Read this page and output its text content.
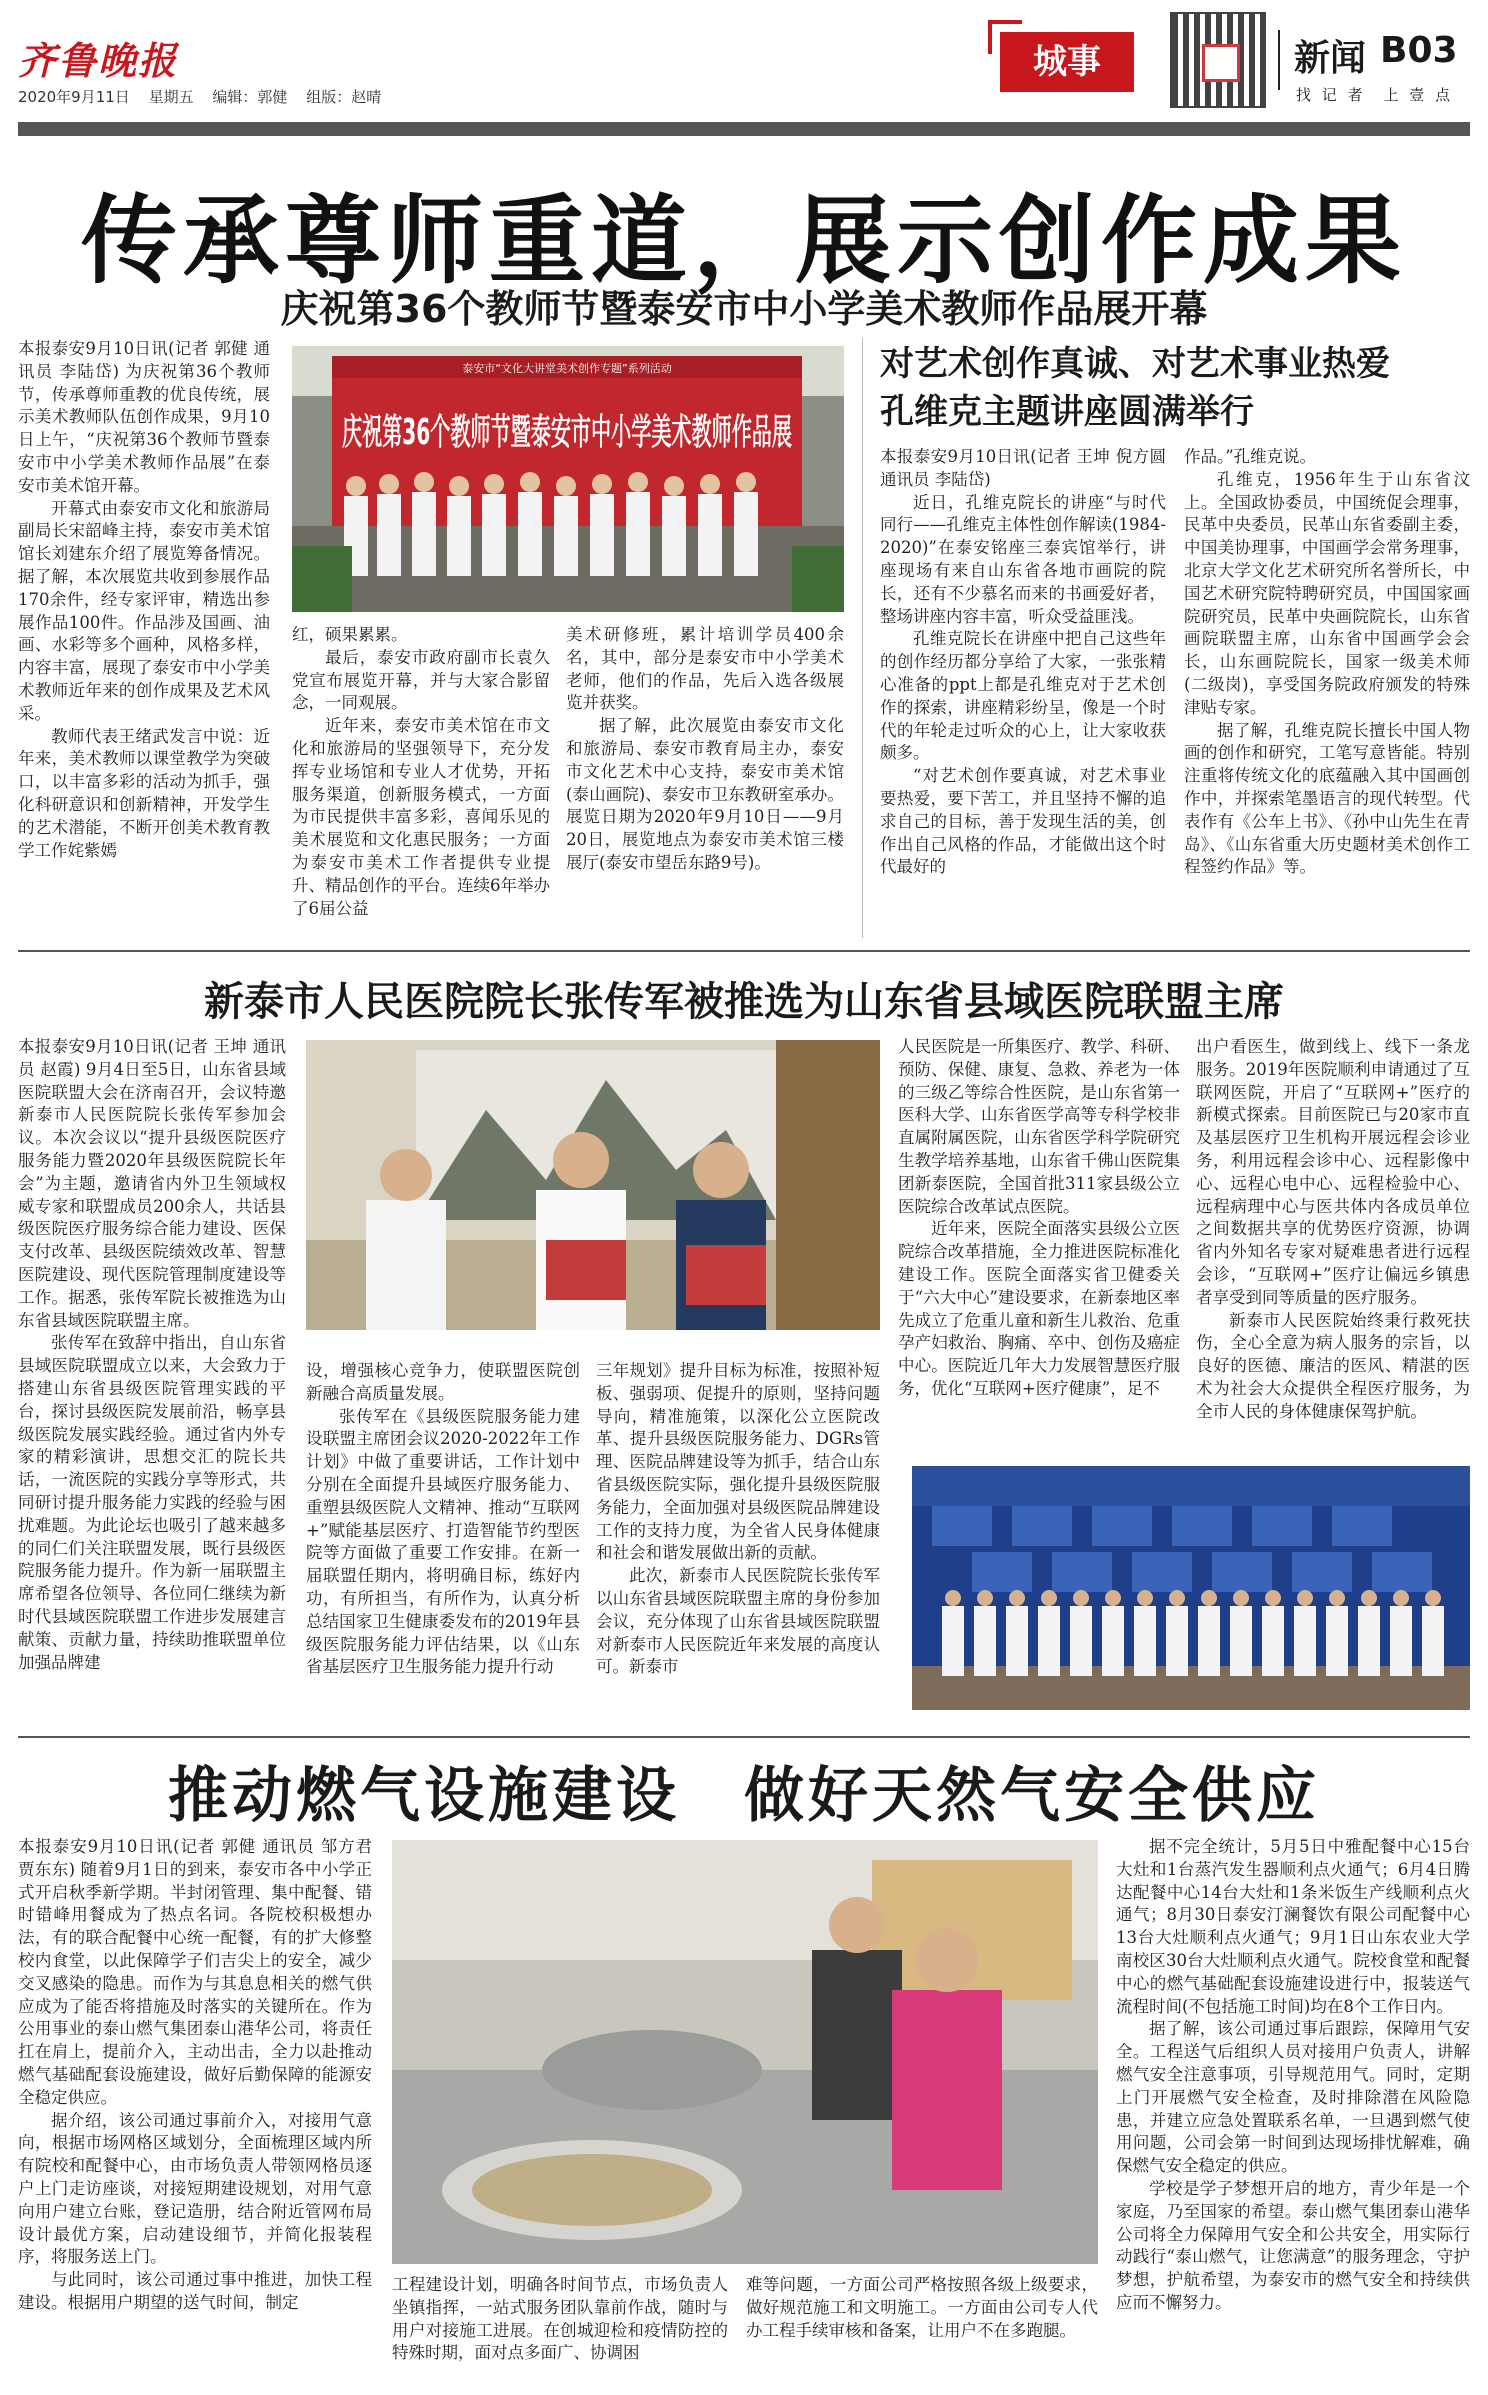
齐鲁晚报
2020年9月11日 星期五 编辑：郭健 组版：赵晴
城事	新闻 B03
找 记 者　上 壹 点
传承尊师重道，展示创作成果
庆祝第36个教师节暨泰安市中小学美术教师作品展开幕

本报泰安9月10日讯(记者 郭健 通讯员 李陆岱) 为庆祝第36个教师节，传承尊师重教的优良传统，展示美术教师队伍创作成果，9月10日上午，“庆祝第36个教师节暨泰安市中小学美术教师作品展”在泰安市美术馆开幕。

开幕式由泰安市文化和旅游局副局长宋韶峰主持，泰安市美术馆馆长刘建东介绍了展览筹备情况。据了解，本次展览共收到参展作品170余件，经专家评审，精选出参展作品100件。作品涉及国画、油画、水彩等多个画种，风格多样，内容丰富，展现了泰安市中小学美术教师近年来的创作成果及艺术风采。

教师代表王绪武发言中说：近年来，美术教师以课堂教学为突破口，以丰富多彩的活动为抓手，强化科研意识和创新精神，开发学生的艺术潜能，不断开创美术教育教学工作姹紫嫣

泰安市“文化大讲堂美术创作专题”系列活动
庆祝第36个教师节暨泰安市中小学美术教师作品展

红，硕果累累。

最后，泰安市政府副市长袁久党宣布展览开幕，并与大家合影留念，一同观展。

近年来，泰安市美术馆在市文化和旅游局的坚强领导下，充分发挥专业场馆和专业人才优势，开拓服务渠道，创新服务模式，一方面为市民提供丰富多彩，喜闻乐见的美术展览和文化惠民服务；一方面为泰安市美术工作者提供专业提升、精品创作的平台。连续6年举办了6届公益

美术研修班，累计培训学员400余名，其中，部分是泰安市中小学美术老师，他们的作品，先后入选各级展览并获奖。

据了解，此次展览由泰安市文化和旅游局、泰安市教育局主办，泰安市文化艺术中心支持，泰安市美术馆(泰山画院)、泰安市卫东教研室承办。展览日期为2020年9月10日——9月20日，展览地点为泰安市美术馆三楼展厅(泰安市望岳东路9号)。

对艺术创作真诚、对艺术事业热爱
孔维克主题讲座圆满举行

本报泰安9月10日讯(记者 王坤 倪方圆 通讯员 李陆岱)

近日，孔维克院长的讲座“与时代同行——孔维克主体性创作解读(1984-2020)”在泰安铭座三泰宾馆举行，讲座现场有来自山东省各地市画院的院长，还有不少慕名而来的书画爱好者，整场讲座内容丰富，听众受益匪浅。

孔维克院长在讲座中把自己这些年的创作经历都分享给了大家，一张张精心准备的ppt上都是孔维克对于艺术创作的探索，讲座精彩纷呈，像是一个时代的年轮走过听众的心上，让大家收获颇多。

“对艺术创作要真诚，对艺术事业要热爱，要下苦工，并且坚持不懈的追求自己的目标，善于发现生活的美，创作出自己风格的作品，才能做出这个时代最好的

作品。”孔维克说。

孔维克，1956年生于山东省汶上。全国政协委员，中国统促会理事，民革中央委员，民革山东省委副主委，中国美协理事，中国画学会常务理事，北京大学文化艺术研究所名誉所长，中国艺术研究院特聘研究员，中国国家画院研究员，民革中央画院院长，山东省画院联盟主席，山东省中国画学会会长，山东画院院长，国家一级美术师(二级岗)，享受国务院政府颁发的特殊津贴专家。

据了解，孔维克院长擅长中国人物画的创作和研究，工笔写意皆能。特别注重将传统文化的底蕴融入其中国画创作中，并探索笔墨语言的现代转型。代表作有《公车上书》、《孙中山先生在青岛》、《山东省重大历史题材美术创作工程签约作品》等。

新泰市人民医院院长张传军被推选为山东省县域医院联盟主席

本报泰安9月10日讯(记者 王坤 通讯员 赵霞) 9月4日至5日，山东省县域医院联盟大会在济南召开，会议特邀新泰市人民医院院长张传军参加会议。本次会议以“提升县级医院医疗服务能力暨2020年县级医院院长年会”为主题，邀请省内外卫生领域权威专家和联盟成员200余人，共话县级医院医疗服务综合能力建设、医保支付改革、县级医院绩效改革、智慧医院建设、现代医院管理制度建设等工作。据悉，张传军院长被推选为山东省县域医院联盟主席。

张传军在致辞中指出，自山东省县域医院联盟成立以来，大会致力于搭建山东省县级医院管理实践的平台，探讨县级医院发展前沿，畅享县级医院发展实践经验。通过省内外专家的精彩演讲，思想交汇的院长共话，一流医院的实践分享等形式，共同研讨提升服务能力实践的经验与困扰难题。为此论坛也吸引了越来越多的同仁们关注联盟发展，既行县级医院服务能力提升。作为新一届联盟主席希望各位领导、各位同仁继续为新时代县域医院联盟工作进步发展建言献策、贡献力量，持续助推联盟单位加强品牌建

设，增强核心竞争力，使联盟医院创新融合高质量发展。

张传军在《县级医院服务能力建设联盟主席团会议2020-2022年工作计划》中做了重要讲话，工作计划中分别在全面提升县域医疗服务能力、重塑县级医院人文精神、推动“互联网+”赋能基层医疗、打造智能节约型医院等方面做了重要工作安排。在新一届联盟任期内，将明确目标，练好内功，有所担当，有所作为，认真分析总结国家卫生健康委发布的2019年县级医院服务能力评估结果，以《山东省基层医疗卫生服务能力提升行动

三年规划》提升目标为标准，按照补短板、强弱项、促提升的原则，坚持问题导向，精准施策，以深化公立医院改革、提升县级医院服务能力、DGRs管理、医院品牌建设等为抓手，结合山东省县级医院实际，强化提升县级医院服务能力，全面加强对县级医院品牌建设工作的支持力度，为全省人民身体健康和社会和谐发展做出新的贡献。

此次，新泰市人民医院院长张传军以山东省县域医院联盟主席的身份参加会议，充分体现了山东省县域医院联盟对新泰市人民医院近年来发展的高度认可。新泰市

人民医院是一所集医疗、教学、科研、预防、保健、康复、急救、养老为一体的三级乙等综合性医院，是山东省第一医科大学、山东省医学高等专科学校非直属附属医院，山东省医学科学院研究生教学培养基地，山东省千佛山医院集团新泰医院，全国首批311家县级公立医院综合改革试点医院。

近年来，医院全面落实县级公立医院综合改革措施，全力推进医院标准化建设工作。医院全面落实省卫健委关于“六大中心”建设要求，在新泰地区率先成立了危重儿童和新生儿救治、危重孕产妇救治、胸痛、卒中、创伤及癌症中心。医院近几年大力发展智慧医疗服务，优化“互联网+医疗健康”，足不

出户看医生，做到线上、线下一条龙服务。2019年医院顺利申请通过了互联网医院，开启了“互联网+”医疗的新模式探索。目前医院已与20家市直及基层医疗卫生机构开展远程会诊业务，利用远程会诊中心、远程影像中心、远程心电中心、远程检验中心、远程病理中心与医共体内各成员单位之间数据共享的优势医疗资源，协调省内外知名专家对疑难患者进行远程会诊，“互联网+”医疗让偏远乡镇患者享受到同等质量的医疗服务。

新泰市人民医院始终秉行救死扶伤，全心全意为病人服务的宗旨，以良好的医德、廉洁的医风、精湛的医术为社会大众提供全程医疗服务，为全市人民的身体健康保驾护航。

推动燃气设施建设　做好天然气安全供应

本报泰安9月10日讯(记者 郭健 通讯员 邹方君 贾东东) 随着9月1日的到来，泰安市各中小学正式开启秋季新学期。半封闭管理、集中配餐、错时错峰用餐成为了热点名词。各院校积极想办法，有的联合配餐中心统一配餐，有的扩大修整校内食堂，以此保障学子们吉尖上的安全，减少交叉感染的隐患。而作为与其息息相关的燃气供应成为了能否将措施及时落实的关键所在。作为公用事业的泰山燃气集团泰山港华公司，将责任扛在肩上，提前介入，主动出击，全力以赴推动燃气基础配套设施建设，做好后勤保障的能源安全稳定供应。

据介绍，该公司通过事前介入，对接用气意向，根据市场网格区域划分，全面梳理区域内所有院校和配餐中心，由市场负责人带领网格员逐户上门走访座谈，对接短期建设规划，对用气意向用户建立台账，登记造册，结合附近管网布局设计最优方案，启动建设细节，并简化报装程序，将服务送上门。

与此同时，该公司通过事中推进，加快工程建设。根据用户期望的送气时间，制定

工程建设计划，明确各时间节点，市场负责人坐镇指挥，一站式服务团队靠前作战，随时与用户对接施工进展。在创城迎检和疫情防控的特殊时期，面对点多面广、协调困

难等问题，一方面公司严格按照各级上级要求，做好规范施工和文明施工。一方面由公司专人代办工程手续审核和备案，让用户不在多跑腿。

据不完全统计，5月5日中雅配餐中心15台大灶和1台蒸汽发生器顺利点火通气；6月4日腾达配餐中心14台大灶和1条米饭生产线顺利点火通气；8月30日泰安汀澜餐饮有限公司配餐中心13台大灶顺利点火通气；9月1日山东农业大学南校区30台大灶顺利点火通气。院校食堂和配餐中心的燃气基础配套设施建设进行中，报装送气流程时间(不包括施工时间)均在8个工作日内。

据了解，该公司通过事后跟踪，保障用气安全。工程送气后组织人员对接用户负责人，讲解燃气安全注意事项，引导规范用气。同时，定期上门开展燃气安全检查，及时排除潜在风险隐患，并建立应急处置联系名单，一旦遇到燃气使用问题，公司会第一时间到达现场排忧解难，确保燃气安全稳定的供应。

学校是学子梦想开启的地方，青少年是一个家庭，乃至国家的希望。泰山燃气集团泰山港华公司将全力保障用气安全和公共安全，用实际行动践行“泰山燃气，让您满意”的服务理念，守护梦想，护航希望，为泰安市的燃气安全和持续供应而不懈努力。
